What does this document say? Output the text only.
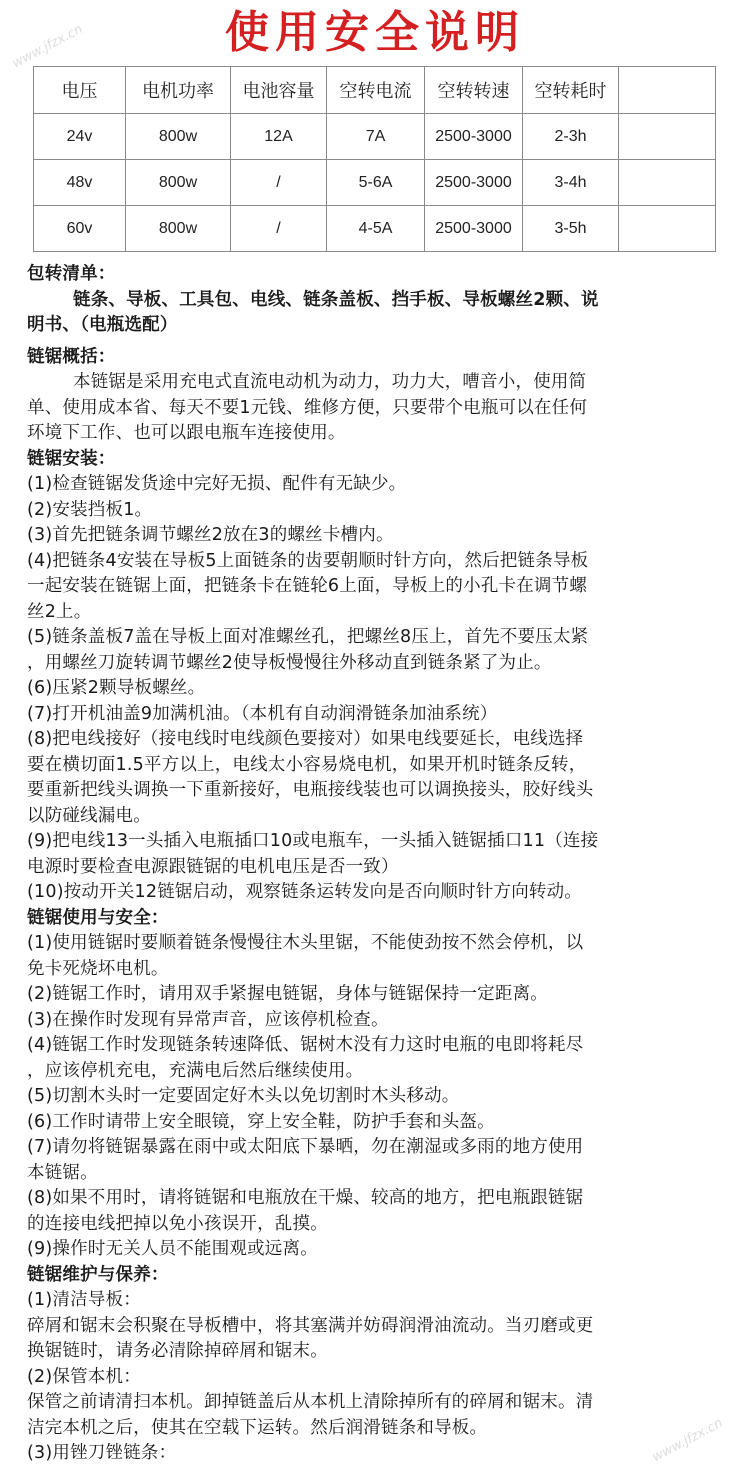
使用安全说明
www.jfzx.cn
www.jfzx.cn
电压	电机功率	电池容量	空转电流	空转转速	空转耗时	
24v	800w	12A	7A	2500-3000	2-3h	
48v	800w	/	5-6A	2500-3000	3-4h	
60v	800w	/	4-5A	2500-3000	3-5h	

包转清单：

链条、导板、工具包、电线、链条盖板、挡手板、导板螺丝2颗、说

明书、（电瓶选配）

链锯概括：

本链锯是采用充电式直流电动机为动力，功力大，嘈音小，使用简

单、使用成本省、每天不要1元钱、维修方便，只要带个电瓶可以在任何

环境下工作、也可以跟电瓶车连接使用。

链锯安装：

(1)检查链锯发货途中完好无损、配件有无缺少。

(2)安装挡板1。

(3)首先把链条调节螺丝2放在3的螺丝卡槽内。

(4)把链条4安装在导板5上面链条的齿要朝顺时针方向，然后把链条导板

一起安装在链锯上面，把链条卡在链轮6上面，导板上的小孔卡在调节螺

丝2上。

(5)链条盖板7盖在导板上面对准螺丝孔，把螺丝8压上，首先不要压太紧

，用螺丝刀旋转调节螺丝2使导板慢慢往外移动直到链条紧了为止。

(6)压紧2颗导板螺丝。

(7)打开机油盖9加满机油。（本机有自动润滑链条加油系统）

(8)把电线接好（接电线时电线颜色要接对）如果电线要延长，电线选择

要在横切面1.5平方以上，电线太小容易烧电机，如果开机时链条反转，

要重新把线头调换一下重新接好，电瓶接线装也可以调换接头，胶好线头

以防碰线漏电。

(9)把电线13一头插入电瓶插口10或电瓶车，一头插入链锯插口11（连接

电源时要检查电源跟链锯的电机电压是否一致）

(10)按动开关12链锯启动，观察链条运转发向是否向顺时针方向转动。

链锯使用与安全：

(1)使用链锯时要顺着链条慢慢往木头里锯，不能使劲按不然会停机，以

免卡死烧坏电机。

(2)链锯工作时，请用双手紧握电链锯，身体与链锯保持一定距离。

(3)在操作时发现有异常声音，应该停机检查。

(4)链锯工作时发现链条转速降低、锯树木没有力这时电瓶的电即将耗尽

，应该停机充电，充满电后然后继续使用。

(5)切割木头时一定要固定好木头以免切割时木头移动。

(6)工作时请带上安全眼镜，穿上安全鞋，防护手套和头盔。

(7)请勿将链锯暴露在雨中或太阳底下暴晒，勿在潮湿或多雨的地方使用

本链锯。

(8)如果不用时，请将链锯和电瓶放在干燥、较高的地方，把电瓶跟链锯

的连接电线把掉以免小孩误开，乱摸。

(9)操作时无关人员不能围观或远离。

链锯维护与保养：

(1)清洁导板：

碎屑和锯末会积聚在导板槽中，将其塞满并妨碍润滑油流动。当刃磨或更

换锯链时，请务必清除掉碎屑和锯末。

(2)保管本机：

保管之前请清扫本机。卸掉链盖后从本机上清除掉所有的碎屑和锯末。清

洁完本机之后，使其在空载下运转。然后润滑链条和导板。

(3)用锉刀锉链条：
